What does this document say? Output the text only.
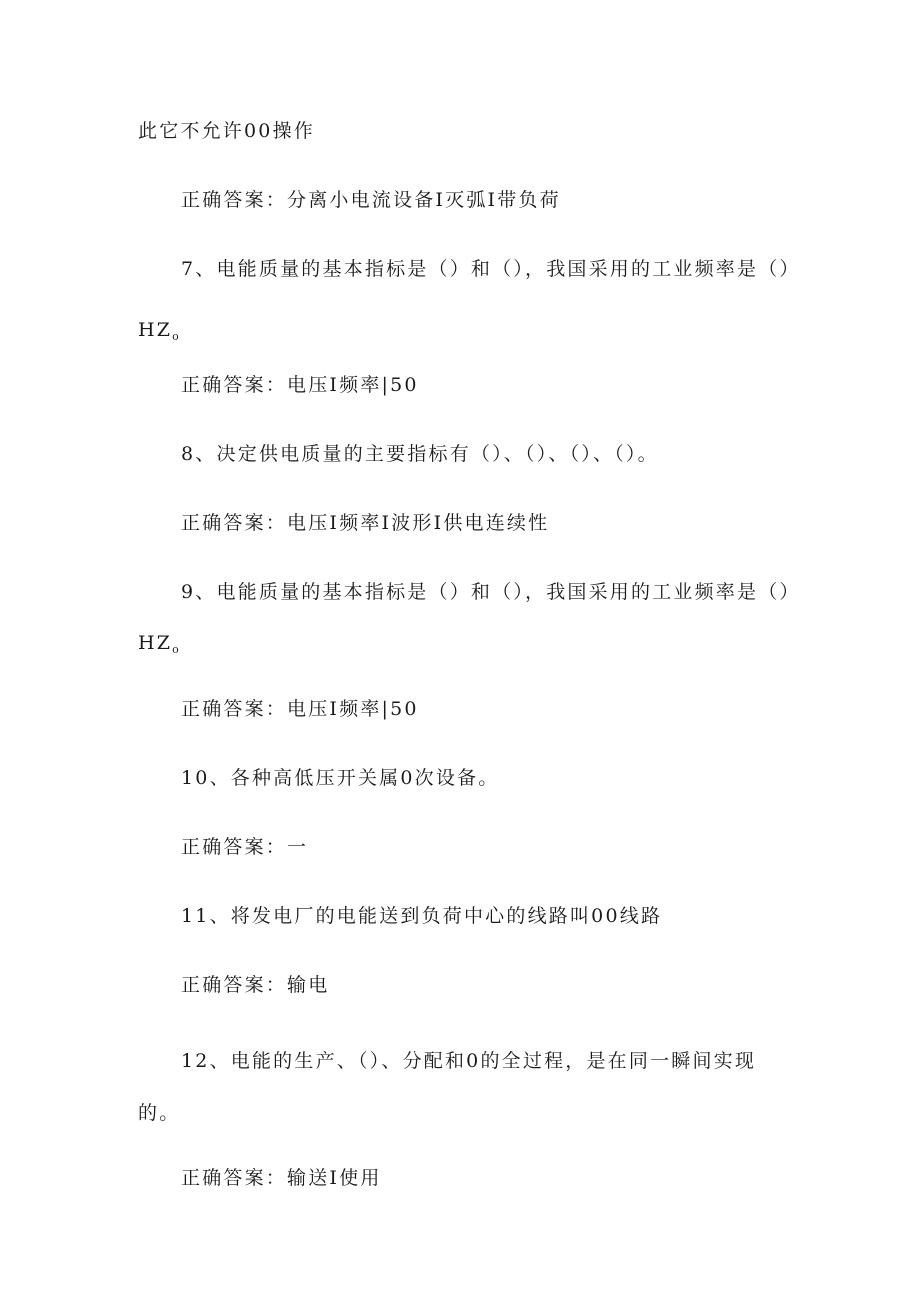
此它不允许00操作
正确答案：分离小电流设备I灭弧I带负荷
7、电能质量的基本指标是（）和（），我国采用的工业频率是（）
$HZ_o$
正确答案：电压I频率|50
8、决定供电质量的主要指标有（）、（）、（）、（）。
正确答案：电压I频率I波形I供电连续性
9、电能质量的基本指标是（）和（），我国采用的工业频率是（）
$HZ_o$
正确答案：电压I频率|50
10、各种高低压开关属0次设备。
正确答案：一
11、将发电厂的电能送到负荷中心的线路叫00线路
正确答案：输电
12、电能的生产、（）、分配和0的全过程，是在同一瞬间实现
的。
正确答案：输送I使用
